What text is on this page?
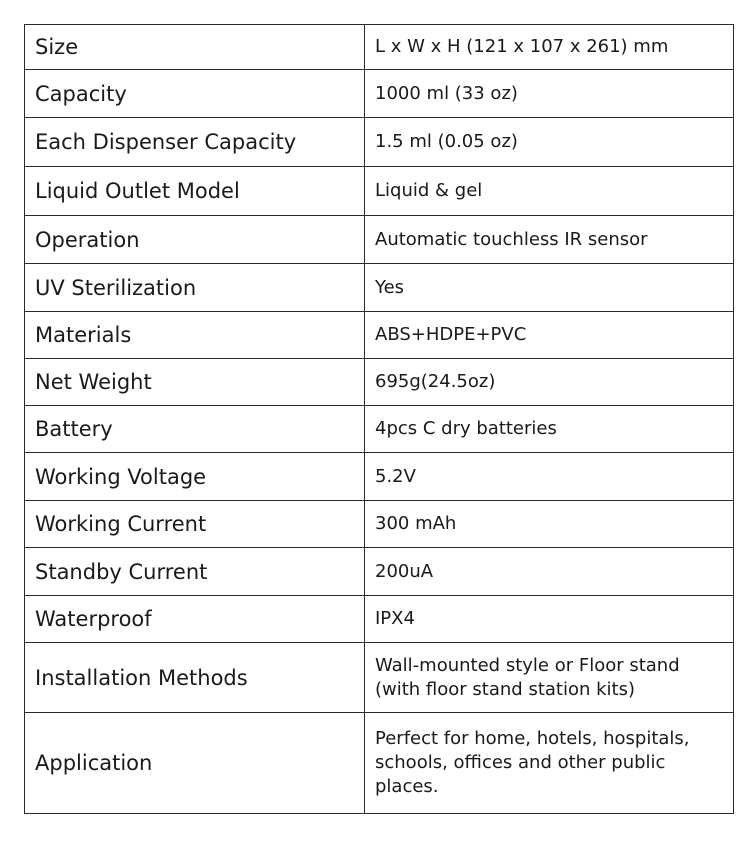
Size	L x W x H (121 x 107 x 261) mm
Capacity	1000 ml (33 oz)
Each Dispenser Capacity	1.5 ml (0.05 oz)
Liquid Outlet Model	Liquid & gel
Operation	Automatic touchless IR sensor
UV Sterilization	Yes
Materials	ABS+HDPE+PVC
Net Weight	695g(24.5oz)
Battery	4pcs C dry batteries
Working Voltage	5.2V
Working Current	300 mAh
Standby Current	200uA
Waterproof	IPX4
Installation Methods	Wall-mounted style or Floor stand (with floor stand station kits)
Application	Perfect for home, hotels, hospitals, schools, offices and other public places.
